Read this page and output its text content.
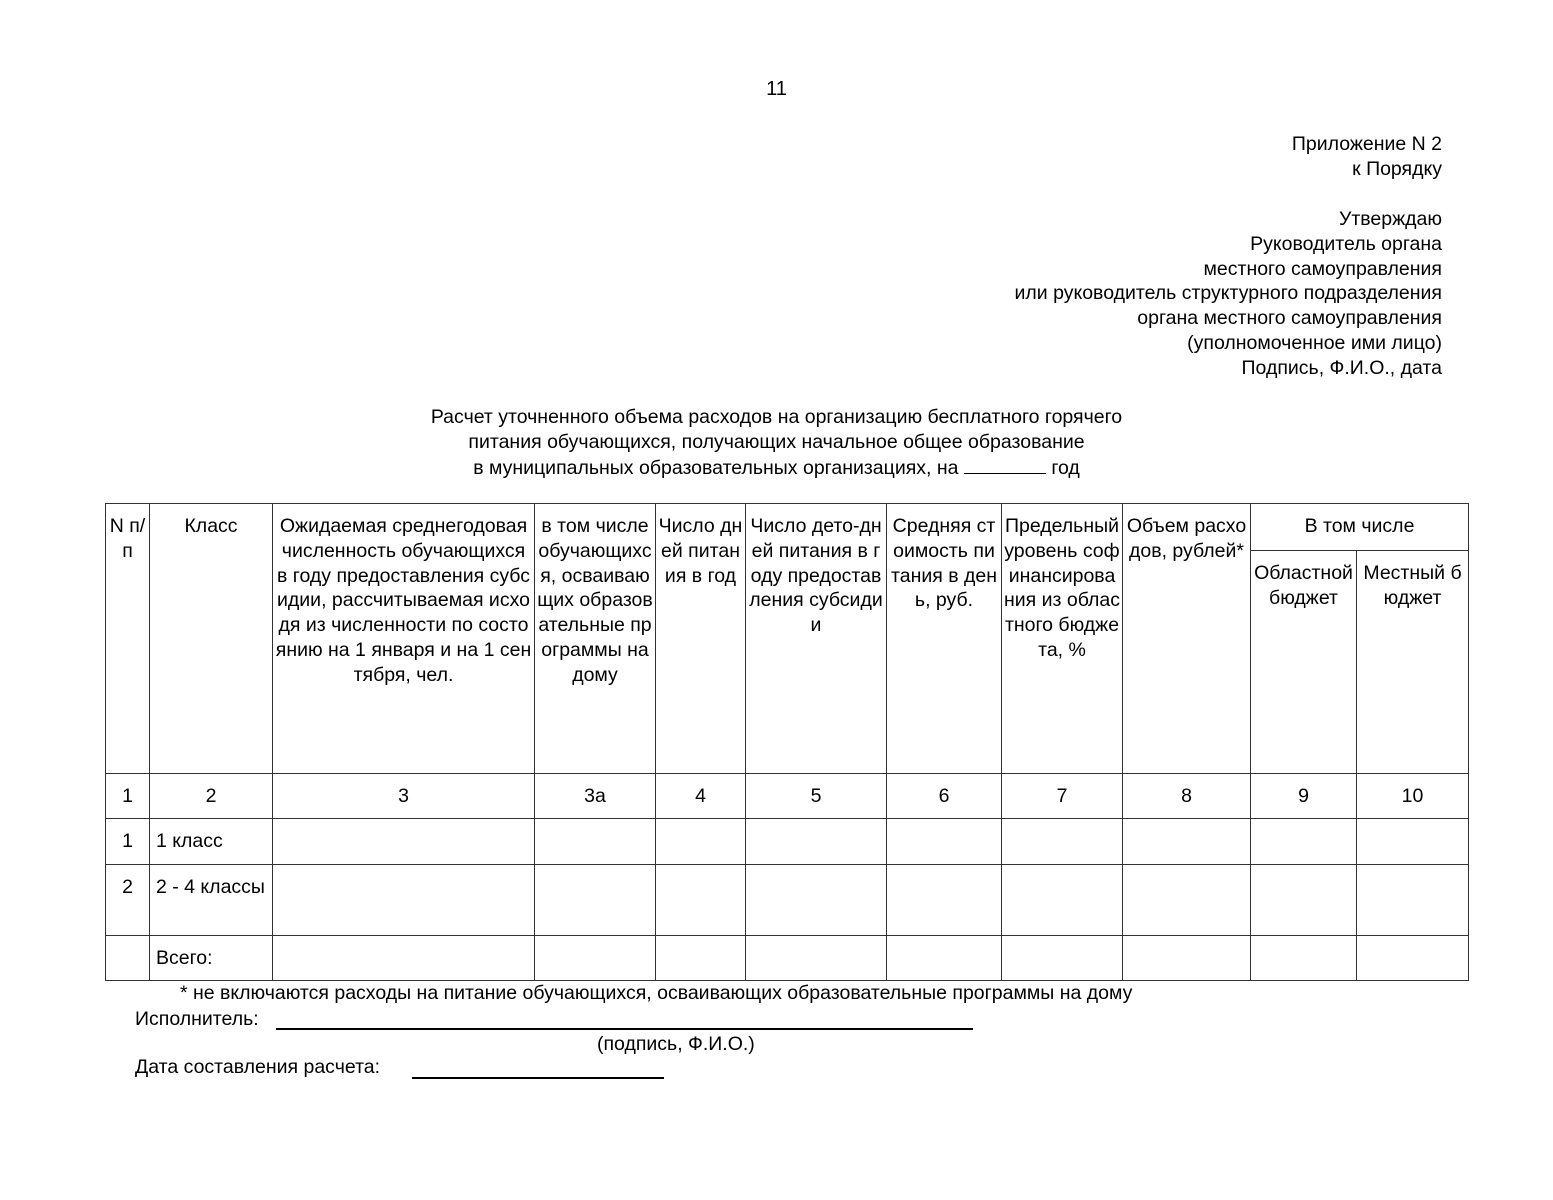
11
Приложение N 2
к Порядку
Утверждаю
Руководитель органа
местного самоуправления
или руководитель структурного подразделения
органа местного самоуправления
(уполномоченное ими лицо)
Подпись, Ф.И.О., дата
Расчет уточненного объема расходов на организацию бесплатного горячего
питания обучающихся, получающих начальное общее образование
в муниципальных образовательных организациях, на	год
N п/п	Класс	Ожидаемая среднегодовая численность обучающихся в году предоставления субсидии, рассчитываемая исходя из численности по состоянию на 1 января и на 1 сентября, чел.	в том числе обучающихся, осваивающих образовательные программы на дому	Число дней питания в год	Число дето-дней питания в году предоставления субсидии	Средняя стоимость питания в день, руб.	Предельный уровень софинансирования из областного бюджета, %	Объем расходов, рублей*	В том числе	
									Областной бюджет	Местный бюджет
1	2	3	3а	4	5	6	7	8	9	10
1	1 класс									
2	2 - 4 классы									
	Всего:									
* не включаются расходы на питание обучающихся, осваивающих образовательные программы на дому
Исполнитель:
(подпись, Ф.И.О.)
Дата составления расчета:
